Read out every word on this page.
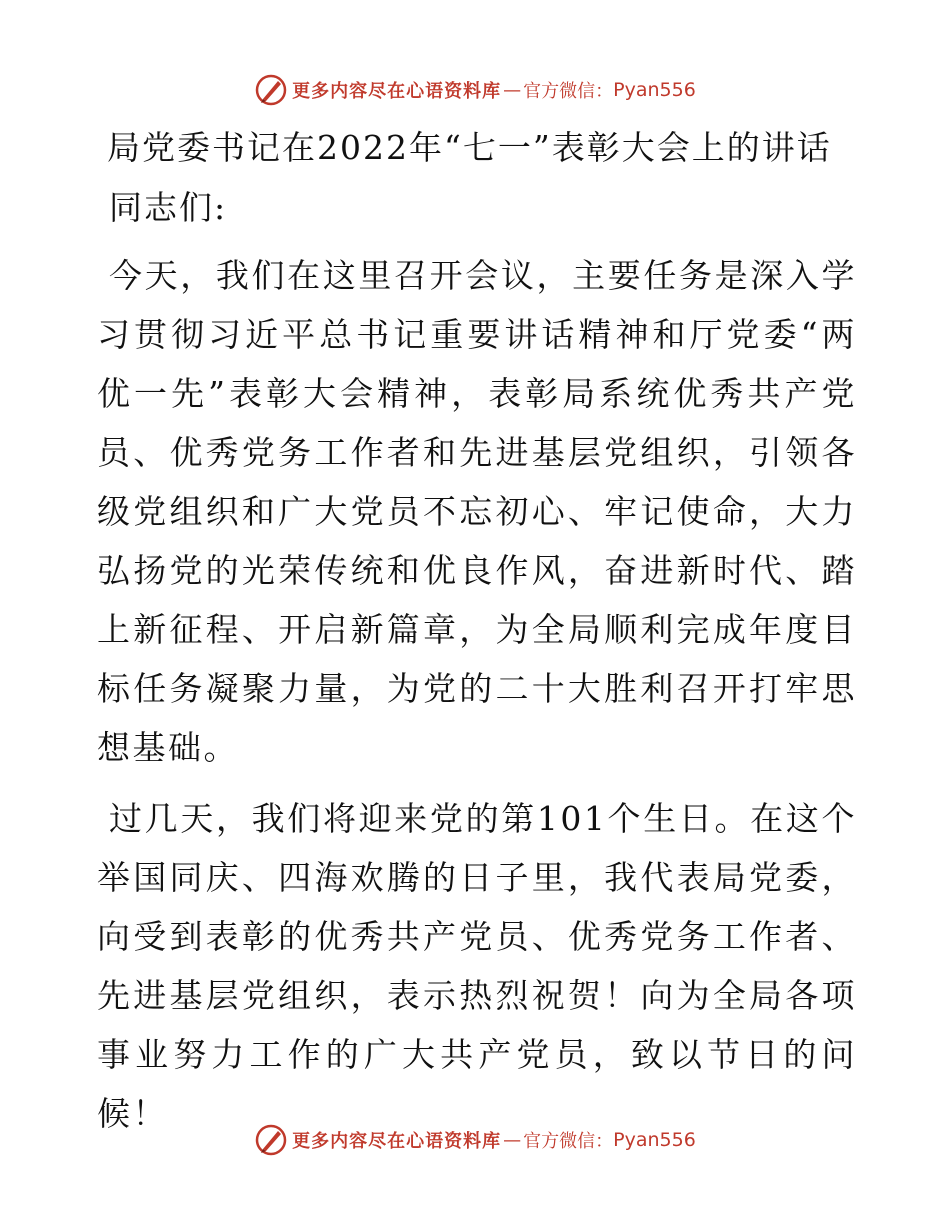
更多内容尽在心语资料库 — 官方微信： Pyan556
局党委书记在2022年“七一”表彰大会上的讲话
同志们:

今天，我们在这里召开会议，主要任务是深入学习贯彻习近平总书记重要讲话精神和厅党委“两优一先”表彰大会精神，表彰局系统优秀共产党员、优秀党务工作者和先进基层党组织，引领各级党组织和广大党员不忘初心、牢记使命，大力弘扬党的光荣传统和优良作风，奋进新时代、踏上新征程、开启新篇章，为全局顺利完成年度目标任务凝聚力量，为党的二十大胜利召开打牢思想基础。

过几天，我们将迎来党的第101个生日。在这个举国同庆、四海欢腾的日子里，我代表局党委，向受到表彰的优秀共产党员、优秀党务工作者、先进基层党组织，表示热烈祝贺！向为全局各项事业努力工作的广大共产党员，致以节日的问候！

更多内容尽在心语资料库 — 官方微信： Pyan556
